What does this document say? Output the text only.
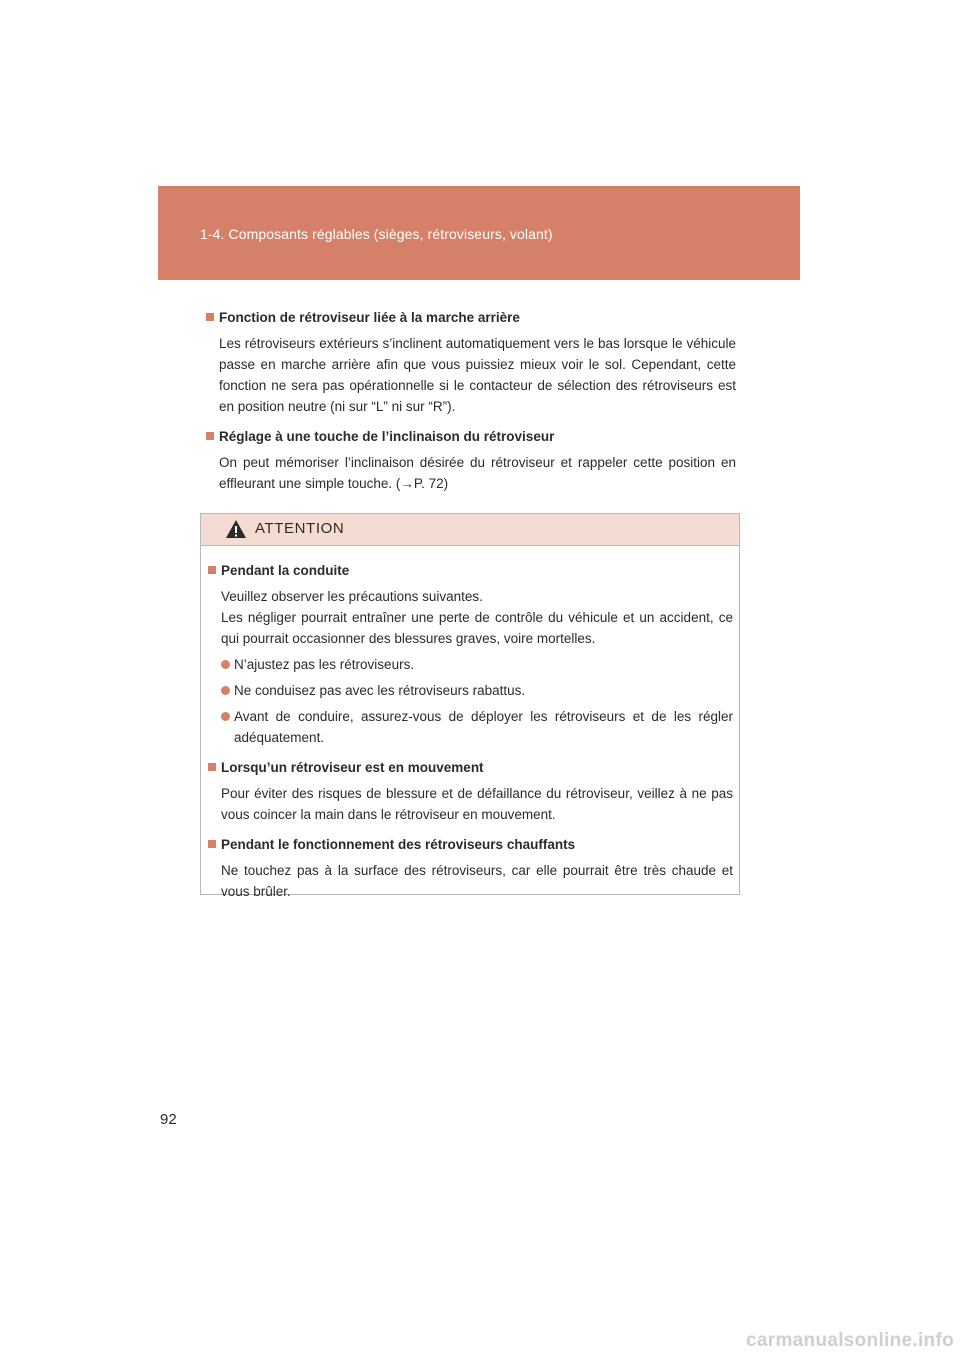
1-4. Composants réglables (sièges, rétroviseurs, volant)
Fonction de rétroviseur liée à la marche arrière
Les rétroviseurs extérieurs s’inclinent automatiquement vers le bas lorsque le véhicule passe en marche arrière afin que vous puissiez mieux voir le sol. Cependant, cette fonction ne sera pas opérationnelle si le contacteur de sélection des rétroviseurs est en position neutre (ni sur “L” ni sur “R”).
Réglage à une touche de l’inclinaison du rétroviseur
On peut mémoriser l’inclinaison désirée du rétroviseur et rappeler cette position en effleurant une simple touche. (→P. 72)
ATTENTION
Pendant la conduite
Veuillez observer les précautions suivantes.
Les négliger pourrait entraîner une perte de contrôle du véhicule et un accident, ce qui pourrait occasionner des blessures graves, voire mortelles.
N’ajustez pas les rétroviseurs.
Ne conduisez pas avec les rétroviseurs rabattus.
Avant de conduire, assurez-vous de déployer les rétroviseurs et de les régler adéquatement.
Lorsqu’un rétroviseur est en mouvement
Pour éviter des risques de blessure et de défaillance du rétroviseur, veillez à ne pas vous coincer la main dans le rétroviseur en mouvement.
Pendant le fonctionnement des rétroviseurs chauffants
Ne touchez pas à la surface des rétroviseurs, car elle pourrait être très chaude et vous brûler.
92
carmanualsonline.info
